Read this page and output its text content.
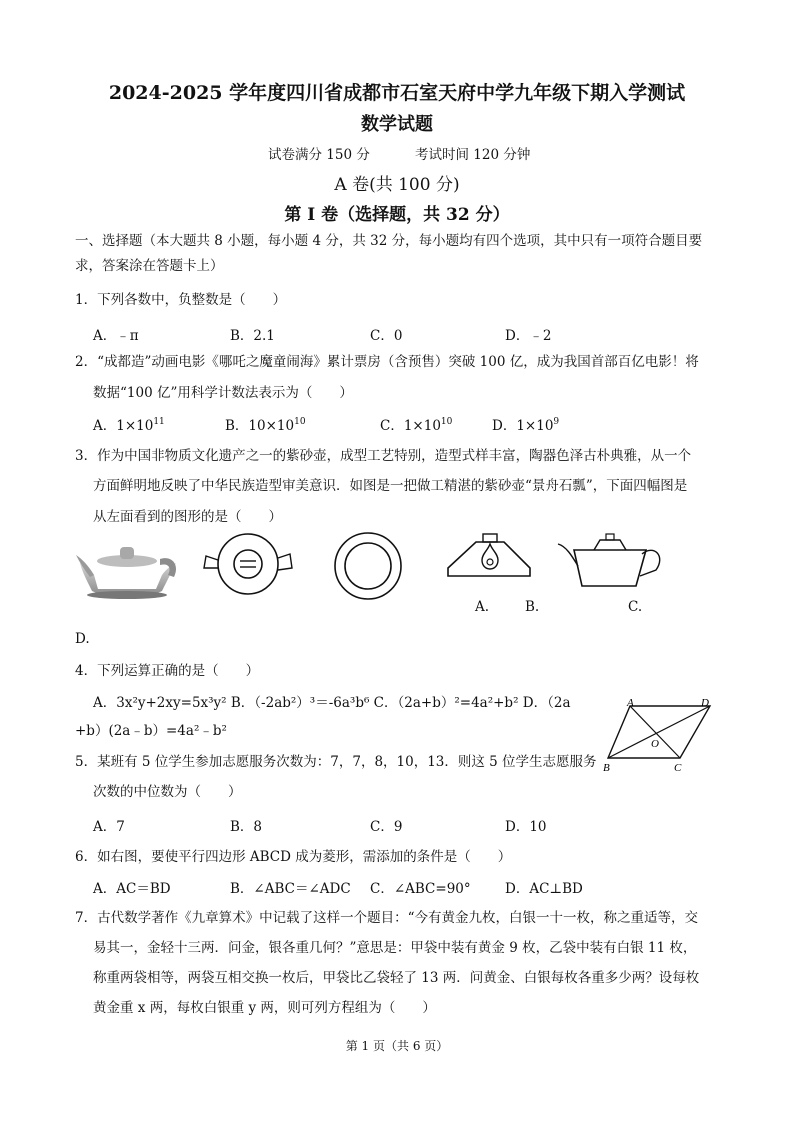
2024-2025 学年度四川省成都市石室天府中学九年级下期入学测试
数学试题
试卷满分 150 分	考试时间 120 分钟
A 卷(共 100 分)
第 I 卷（选择题，共 32 分）
一、选择题（本大题共 8 小题，每小题 4 分，共 32 分，每小题均有四个选项，其中只有一项符合题目要
求，答案涂在答题卡上）
1．下列各数中，负整数是（　　）
A．﹣π	B．2.1	C．0	D．﹣2
2．“成都造”动画电影《哪吒之魔童闹海》累计票房（含预售）突破 100 亿，成为我国首部百亿电影！将
数据“100 亿”用科学计数法表示为（　　）
A．$1\times 10^{11}$	B．$10\times 10^{10}$	C．$1\times 10^{10}$	D．$1\times 10^9$
3．作为中国非物质文化遗产之一的紫砂壶，成型工艺特别，造型式样丰富，陶器色泽古朴典雅，从一个
方面鲜明地反映了中华民族造型审美意识．如图是一把做工精湛的紫砂壶“景舟石瓢”，下面四幅图是
从左面看到的图形的是（　　）
A.	B.	C.
D.
4．下列运算正确的是（　　）
A．3x²y+2xy=5x³y² B．（-2ab²）³＝-6a³b⁶ C．（2a+b）²=4a²+b² D．（2a
+b）(2a﹣b）=4a²﹣b²
A	D
B	C
O
5．某班有 5 位学生参加志愿服务次数为：7，7，8，10，13．则这 5 位学生志愿服务
次数的中位数为（　　）
A．7	B．8	C．9	D．10
6．如右图，要使平行四边形 ABCD 成为菱形，需添加的条件是（　　）
A．AC＝BD	B．∠ABC＝∠ADC C．∠ABC=90°	D．AC⊥BD
7．古代数学著作《九章算术》中记载了这样一个题目：“今有黄金九枚，白银一十一枚，称之重适等，交
易其一，金轻十三两．问金，银各重几何？”意思是：甲袋中装有黄金 9 枚，乙袋中装有白银 11 枚，
称重两袋相等，两袋互相交换一枚后，甲袋比乙袋轻了 13 两．问黄金、白银每枚各重多少两？设每枚
黄金重 x 两，每枚白银重 y 两，则可列方程组为（　　）
第 1 页（共 6 页）
